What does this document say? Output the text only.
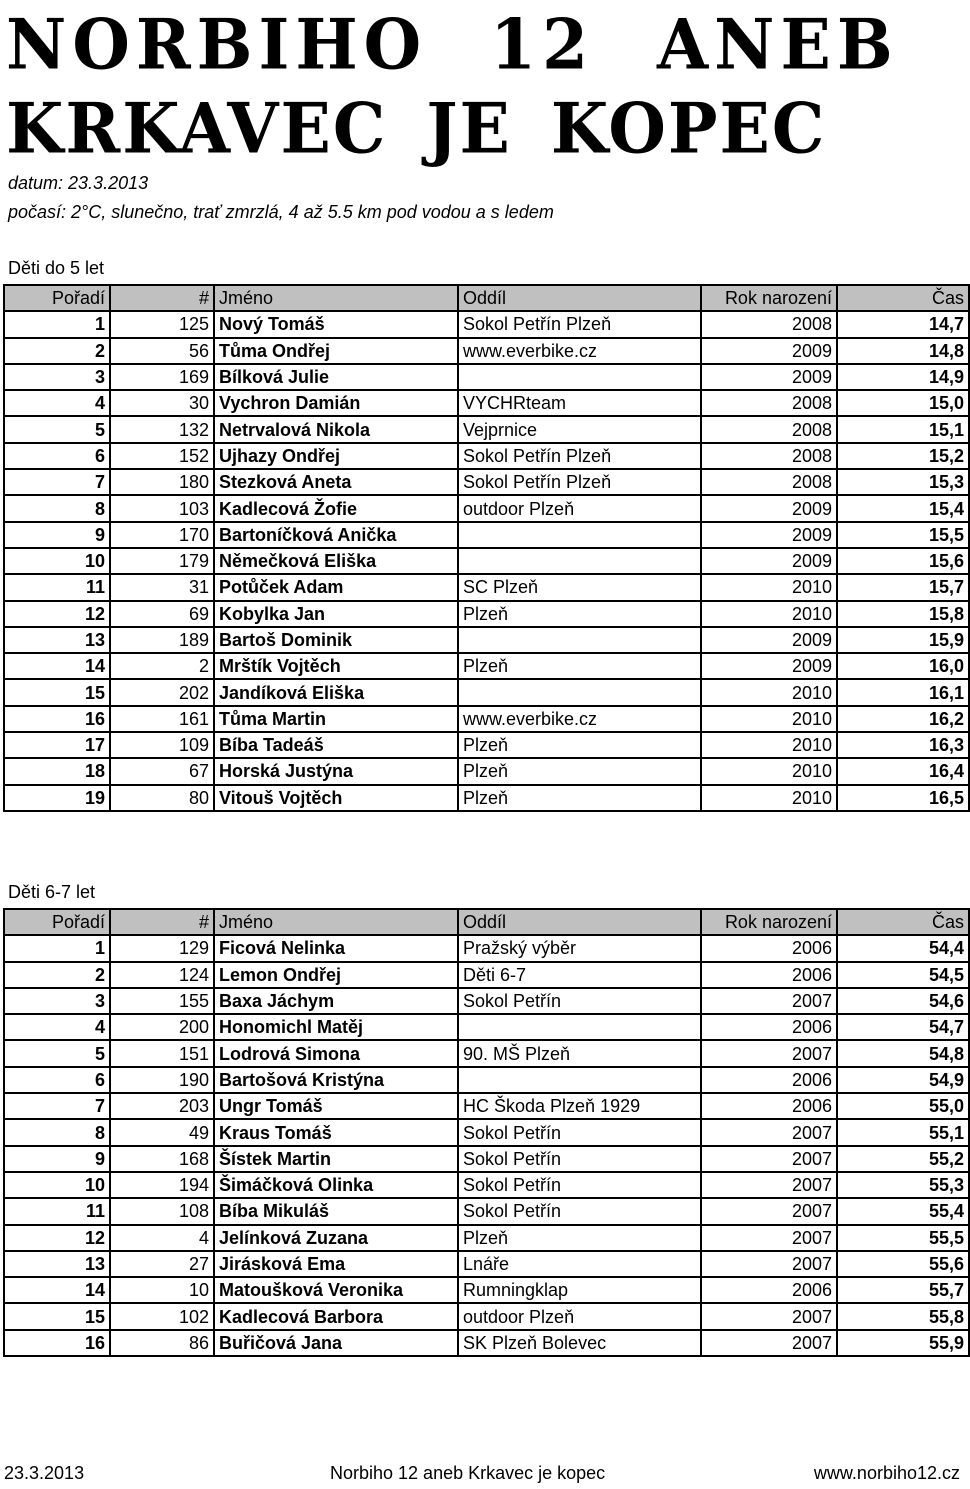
NORBIHO 12 ANEB
KRKAVEC JE KOPEC
datum: 23.3.2013
počasí: 2°C, slunečno, trať zmrzlá, 4 až 5.5 km pod vodou a s ledem
Děti do 5 let
Pořadí	#	Jméno	Oddíl	Rok narození	Čas
1	125	Nový Tomáš	Sokol Petřín Plzeň	2008	14,7
2	56	Tůma Ondřej	www.everbike.cz	2009	14,8
3	169	Bílková Julie		2009	14,9
4	30	Vychron Damián	VYCHRteam	2008	15,0
5	132	Netrvalová Nikola	Vejprnice	2008	15,1
6	152	Ujhazy Ondřej	Sokol Petřín Plzeň	2008	15,2
7	180	Stezková Aneta	Sokol Petřín Plzeň	2008	15,3
8	103	Kadlecová Žofie	outdoor Plzeň	2009	15,4
9	170	Bartoníčková Anička		2009	15,5
10	179	Němečková Eliška		2009	15,6
11	31	Potůček Adam	SC Plzeň	2010	15,7
12	69	Kobylka Jan	Plzeň	2010	15,8
13	189	Bartoš Dominik		2009	15,9
14	2	Mrštík Vojtěch	Plzeň	2009	16,0
15	202	Jandíková Eliška		2010	16,1
16	161	Tůma Martin	www.everbike.cz	2010	16,2
17	109	Bíba Tadeáš	Plzeň	2010	16,3
18	67	Horská Justýna	Plzeň	2010	16,4
19	80	Vitouš Vojtěch	Plzeň	2010	16,5
Děti 6-7 let
Pořadí	#	Jméno	Oddíl	Rok narození	Čas
1	129	Ficová Nelinka	Pražský výběr	2006	54,4
2	124	Lemon Ondřej	Děti 6-7	2006	54,5
3	155	Baxa Jáchym	Sokol Petřín	2007	54,6
4	200	Honomichl Matěj		2006	54,7
5	151	Lodrová Simona	90. MŠ Plzeň	2007	54,8
6	190	Bartošová Kristýna		2006	54,9
7	203	Ungr Tomáš	HC Škoda Plzeň 1929	2006	55,0
8	49	Kraus Tomáš	Sokol Petřín	2007	55,1
9	168	Šístek Martin	Sokol Petřín	2007	55,2
10	194	Šimáčková Olinka	Sokol Petřín	2007	55,3
11	108	Bíba Mikuláš	Sokol Petřín	2007	55,4
12	4	Jelínková Zuzana	Plzeň	2007	55,5
13	27	Jirásková Ema	Lnáře	2007	55,6
14	10	Matoušková Veronika	Rumningklap	2006	55,7
15	102	Kadlecová Barbora	outdoor Plzeň	2007	55,8
16	86	Buřičová Jana	SK Plzeň Bolevec	2007	55,9
23.3.2013	Norbiho 12 aneb Krkavec je kopec	www.norbiho12.cz
